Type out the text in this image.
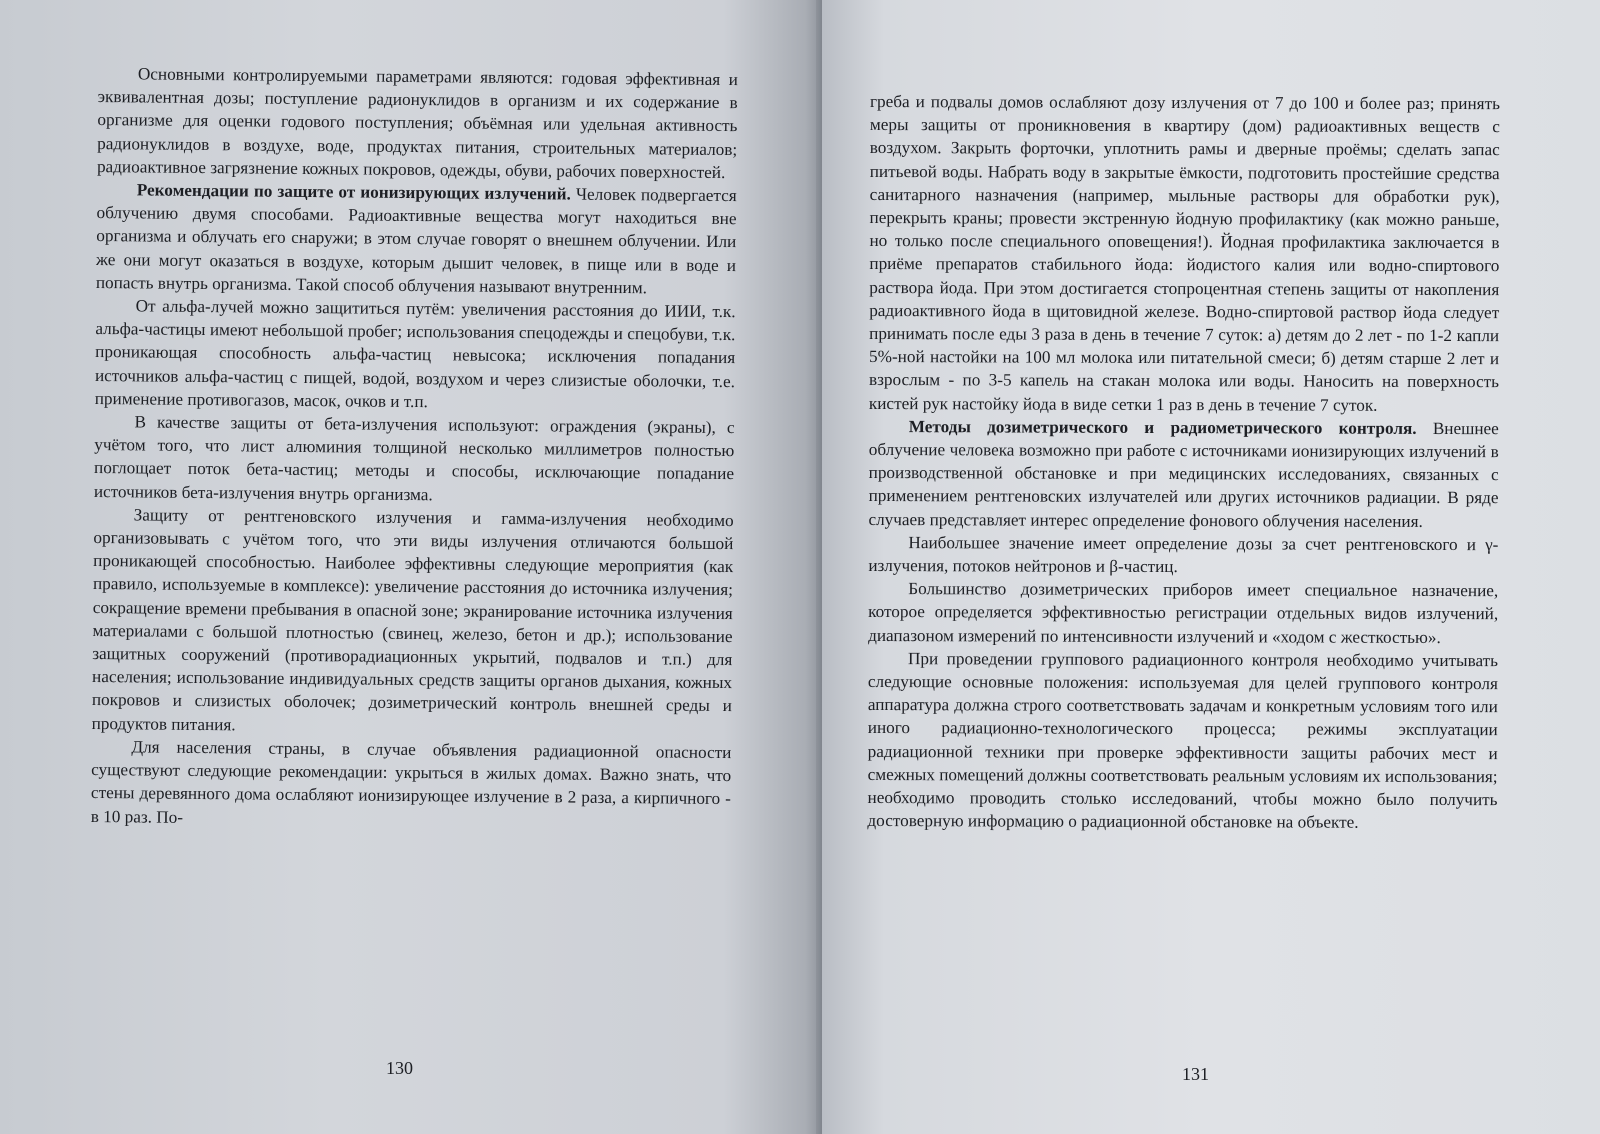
Основными контролируемыми параметрами являются: годовая эффективная и эквивалентная дозы; поступление радионуклидов в организм и их содержание в организме для оценки годового поступления; объёмная или удельная активность радионуклидов в воздухе, воде, продуктах питания, строительных материалов; радиоактивное загрязнение кожных покровов, одежды, обуви, рабочих поверхностей.

Рекомендации по защите от ионизирующих излучений. Человек подвергается облучению двумя способами. Радиоактивные вещества могут находиться вне организма и облучать его снаружи; в этом случае говорят о внешнем облучении. Или же они могут оказаться в воздухе, которым дышит человек, в пище или в воде и попасть внутрь организма. Такой способ облучения называют внутренним.

От альфа-лучей можно защититься путём: увеличения расстояния до ИИИ, т.к. альфа-частицы имеют небольшой пробег; использования спецодежды и спецобуви, т.к. проникающая способность альфа-частиц невысока; исключения попадания источников альфа-частиц с пищей, водой, воздухом и через слизистые оболочки, т.е. применение противогазов, масок, очков и т.п.

В качестве защиты от бета-излучения используют: ограждения (экраны), с учётом того, что лист алюминия толщиной несколько миллиметров полностью поглощает поток бета-частиц; методы и способы, исключающие попадание источников бета-излучения внутрь организма.

Защиту от рентгеновского излучения и гамма-излучения необходимо организовывать с учётом того, что эти виды излучения отличаются большой проникающей способностью. Наиболее эффективны следующие мероприятия (как правило, используемые в комплексе): увеличение расстояния до источника излучения; сокращение времени пребывания в опасной зоне; экранирование источника излучения материалами с большой плотностью (свинец, железо, бетон и др.); использование защитных сооружений (противорадиационных укрытий, подвалов и т.п.) для населения; использование индивидуальных средств защиты органов дыхания, кожных покровов и слизистых оболочек; дозиметрический контроль внешней среды и продуктов питания.

Для населения страны, в случае объявления радиационной опасности существуют следующие рекомендации: укрыться в жилых домах. Важно знать, что стены деревянного дома ослабляют ионизирующее излучение в 2 раза, а кирпичного - в 10 раз. По-

130

греба и подвалы домов ослабляют дозу излучения от 7 до 100 и более раз; принять меры защиты от проникновения в квартиру (дом) радиоактивных веществ с воздухом. Закрыть форточки, уплотнить рамы и дверные проёмы; сделать запас питьевой воды. Набрать воду в закрытые ёмкости, подготовить простейшие средства санитарного назначения (например, мыльные растворы для обработки рук), перекрыть краны; провести экстренную йодную профилактику (как можно раньше, но только после специального оповещения!). Йодная профилактика заключается в приёме препаратов стабильного йода: йодистого калия или водно-спиртового раствора йода. При этом достигается стопроцентная степень защиты от накопления радиоактивного йода в щитовидной железе. Водно-спиртовой раствор йода следует принимать после еды 3 раза в день в течение 7 суток: а) детям до 2 лет - по 1-2 капли 5%-ной настойки на 100 мл молока или питательной смеси; б) детям старше 2 лет и взрослым - по 3-5 капель на стакан молока или воды. Наносить на поверхность кистей рук настойку йода в виде сетки 1 раз в день в течение 7 суток.

Методы дозиметрического и радиометрического контроля. Внешнее облучение человека возможно при работе с источниками ионизирующих излучений в производственной обстановке и при медицинских исследованиях, связанных с применением рентгеновских излучателей или других источников радиации. В ряде случаев представляет интерес определение фонового облучения населения.

Наибольшее значение имеет определение дозы за счет рентгеновского и γ-излучения, потоков нейтронов и β-частиц.

Большинство дозиметрических приборов имеет специальное назначение, которое определяется эффективностью регистрации отдельных видов излучений, диапазоном измерений по интенсивности излучений и «ходом с жесткостью».

При проведении группового радиационного контроля необходимо учитывать следующие основные положения: используемая для целей группового контроля аппаратура должна строго соответствовать задачам и конкретным условиям того или иного радиационно-технологического процесса; режимы эксплуатации радиационной техники при проверке эффективности защиты рабочих мест и смежных помещений должны соответствовать реальным условиям их использования; необходимо проводить столько исследований, чтобы можно было получить достоверную информацию о радиационной обстановке на объекте.

131
